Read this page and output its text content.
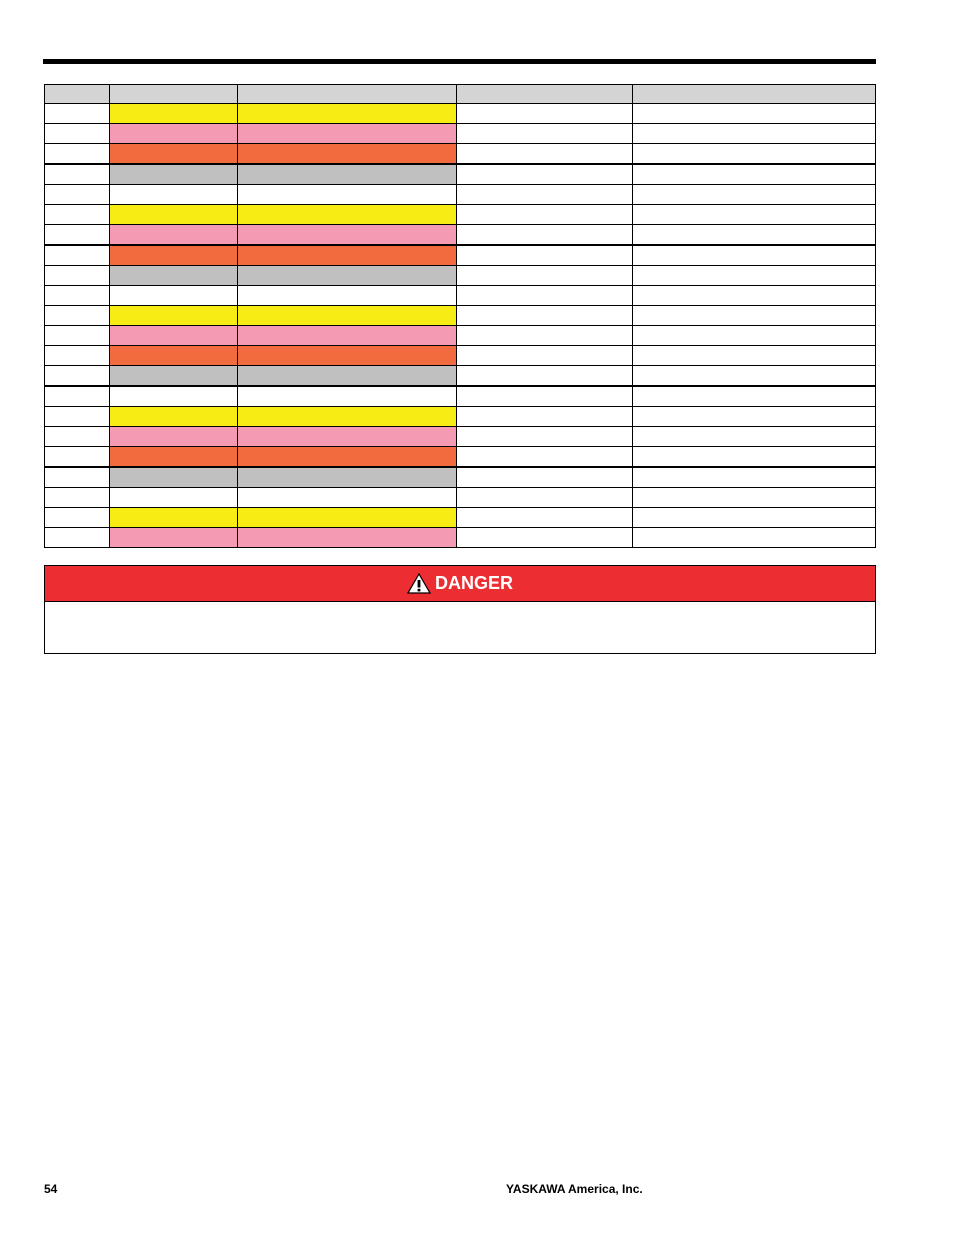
DANGER
54	YASKAWA America, Inc.
